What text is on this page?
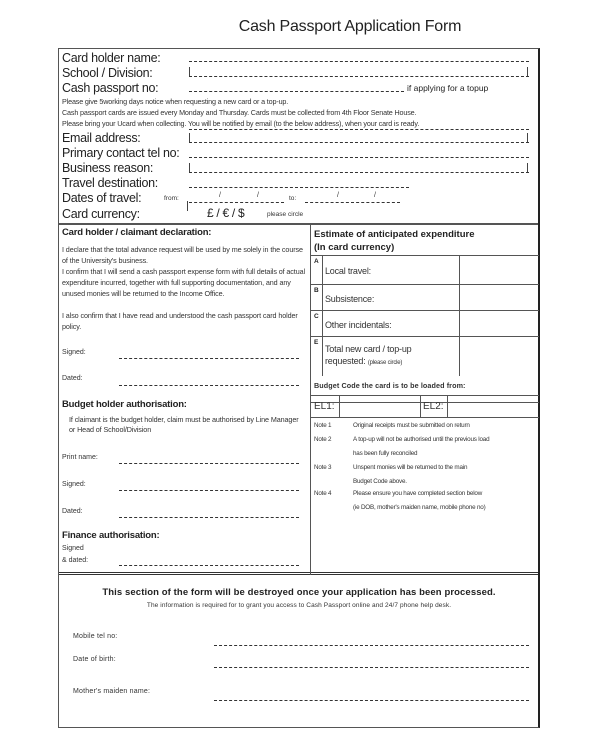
Cash Passport Application Form
Card holder name:
School / Division:
Cash passport no:	if applying for a topup
Please give 5working days notice when requesting a new card or a top-up.
Cash passport cards are issued every Monday and Thursday. Cards must be collected from 4th Floor Senate House.
Please bring your Ucard when collecting. You will be notified by email (to the below address), when your card is ready.
Email address:
Primary contact tel no:
Business reason:
Travel destination:
Dates of travel:	from:	/	/	to:	/	/
Card currency:	£ / € / $	please circle
Card holder / claimant declaration:
I declare that the total advance request will be used by me solely in the course of the University's business.
I confirm that I will send a cash passport expense form with full details of actual expenditure incurred, together with full supporting documentation, and any unused monies will be returned to the Income Office.
I also confirm that I have read and understood the cash passport card holder policy.
Signed:
Dated:
Budget holder authorisation:
If claimant is the budget holder, claim must be authorised by Line Manager or Head of School/Division
Print name:
Signed:
Dated:
Finance authorisation:
Signed
& dated:
Estimate of anticipated expenditure
(In card currency)
A
Local travel:
B
Subsistence:
C
Other incidentals:
E
Total new card / top-up
requested: (please circle)
Budget Code the card is to be loaded from:
EL1:	EL2:
Note 1	Original receipts must be submitted on return
Note 2	A top-up will not be authorised until the previous load
has been fully reconciled
Note 3	Unspent monies will be returned to the main
Budget Code above.
Note 4	Please ensure you have completed section below
(ie DOB, mother's maiden name, mobile phone no)
This section of the form will be destroyed once your application has been processed.
The information is required for to grant you access to Cash Passport online and 24/7 phone help desk.
Mobile tel no:
Date of birth:
Mother's maiden name:
